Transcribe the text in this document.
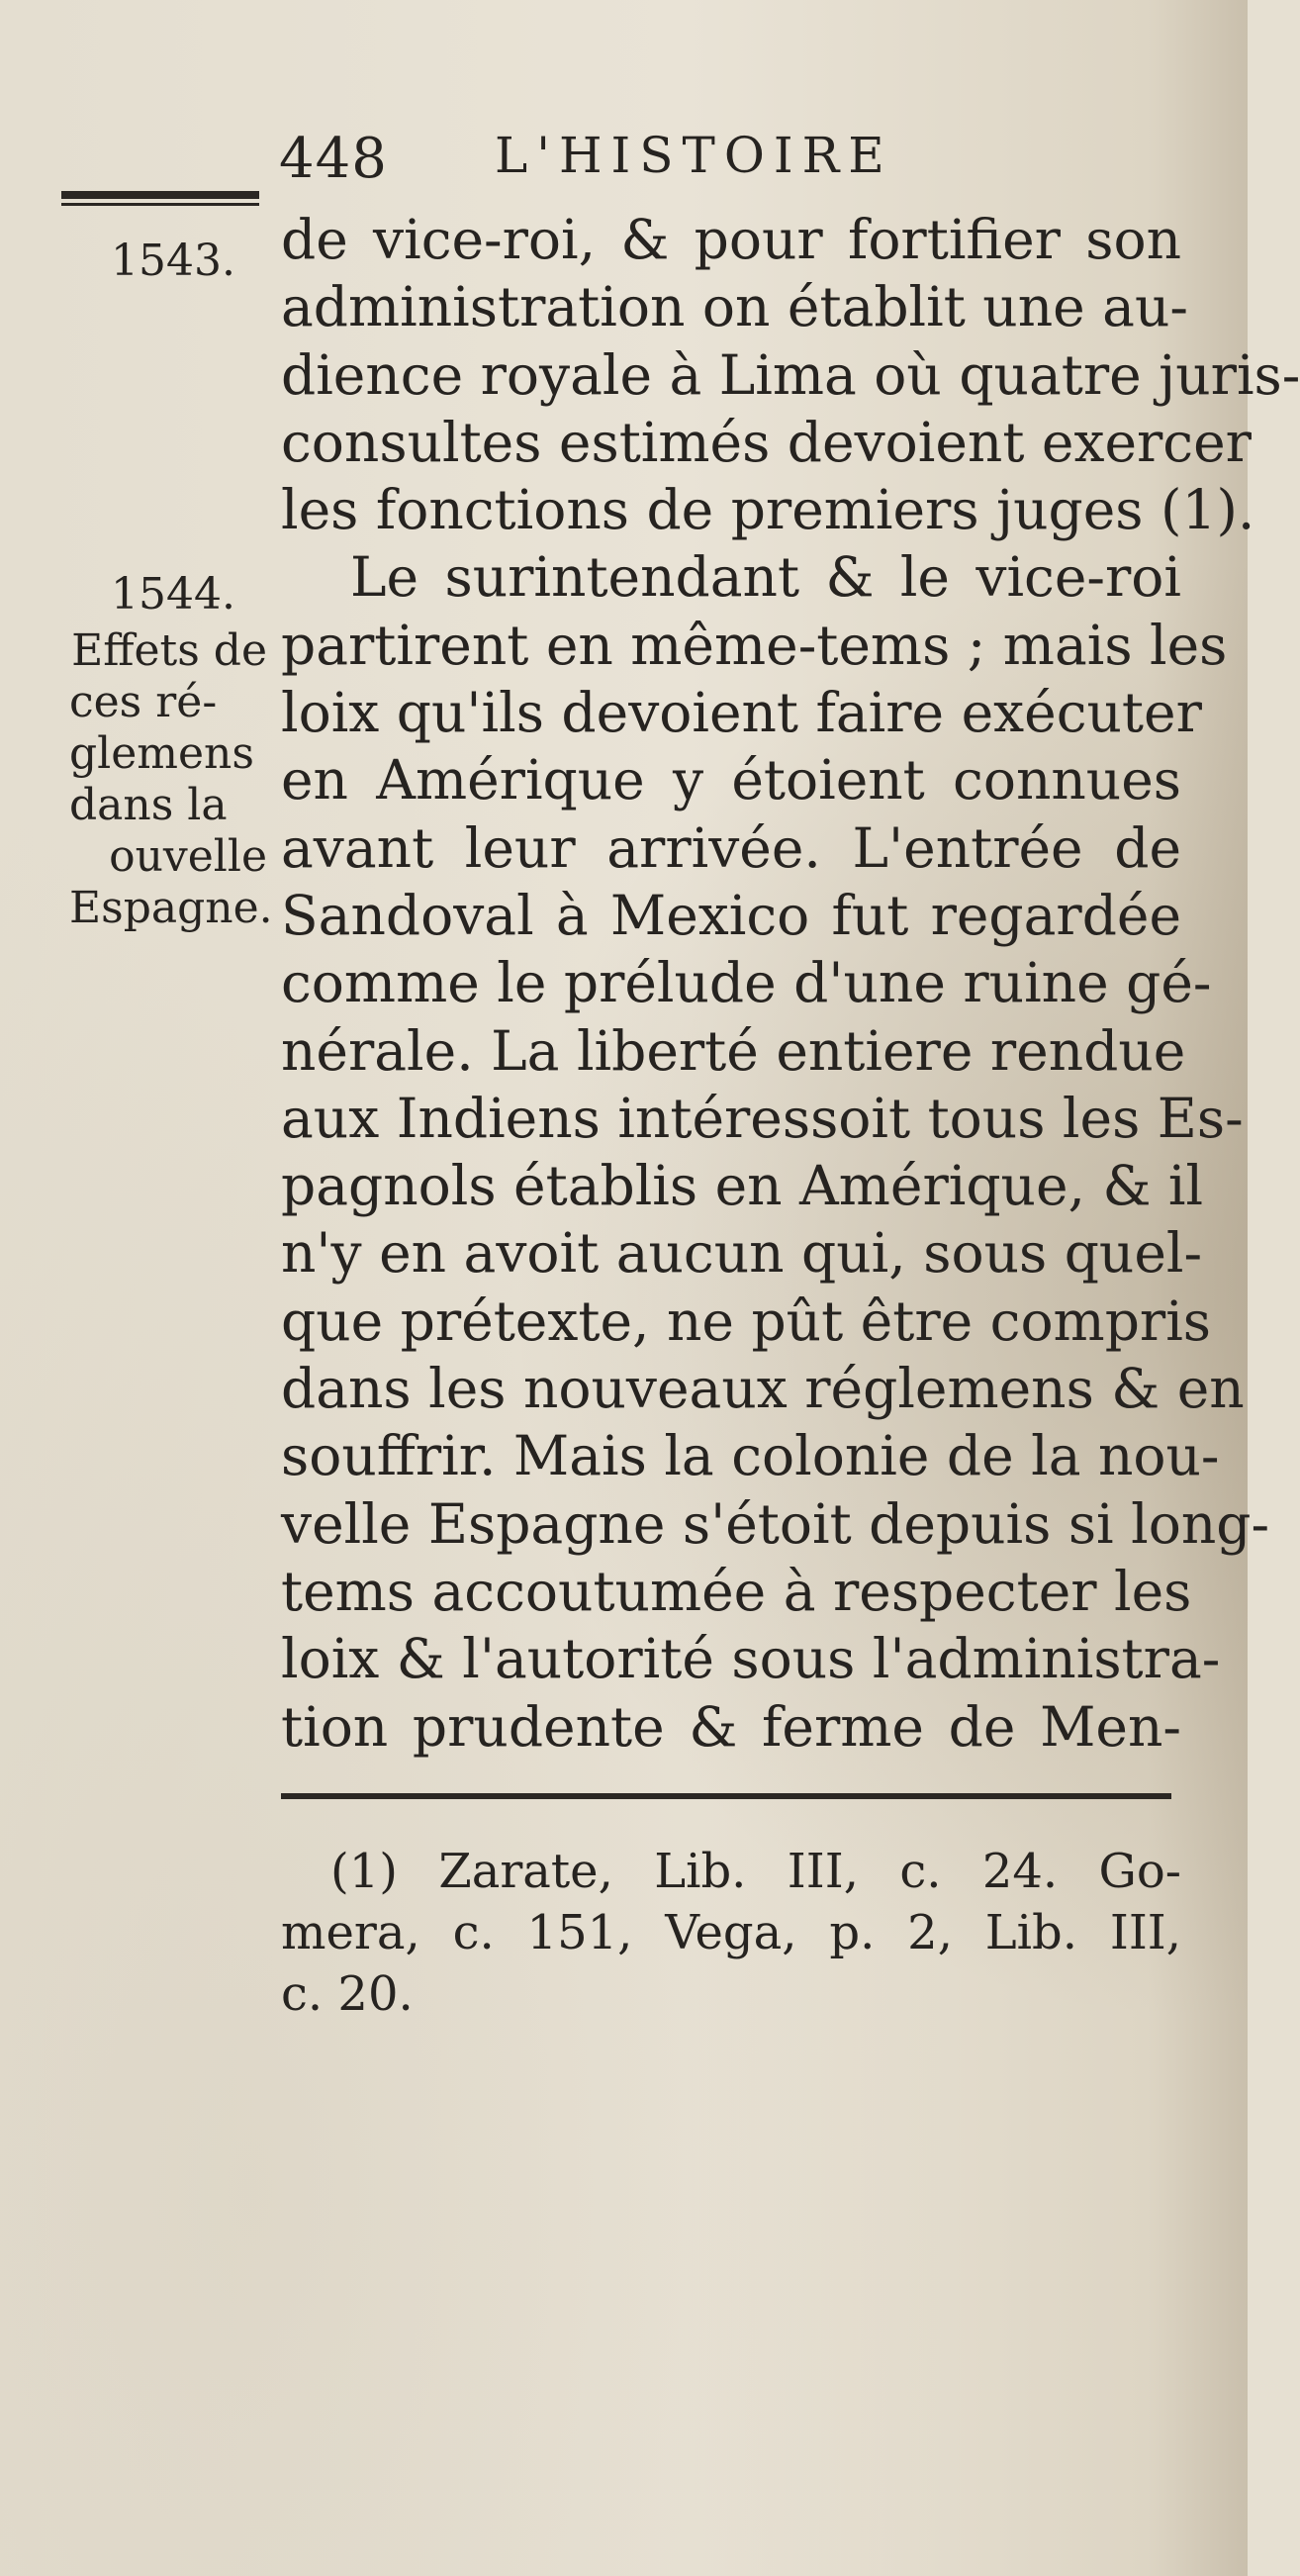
448 L'HISTOIRE
1543.
1544.
Effets de
ces ré-
glemens
dans la
ouvelle
Espagne.
de vice-roi, & pour fortifier son
administration on établit une au-
dience royale à Lima où quatre juris-
consultes estimés devoient exercer
les fonctions de premiers juges (1).
Le surintendant & le vice-roi
partirent en même-tems ; mais les
loix qu'ils devoient faire exécuter
en Amérique y étoient connues
avant leur arrivée. L'entrée de
Sandoval à Mexico fut regardée
comme le prélude d'une ruine gé-
nérale. La liberté entiere rendue
aux Indiens intéressoit tous les Es-
pagnols établis en Amérique, & il
n'y en avoit aucun qui, sous quel-
que prétexte, ne pût être compris
dans les nouveaux réglemens & en
souffrir. Mais la colonie de la nou-
velle Espagne s'étoit depuis si long-
tems accoutumée à respecter les
loix & l'autorité sous l'administra-
tion prudente & ferme de Men-
(1) Zarate, Lib. III, c. 24. Go-
mera, c. 151, Vega, p. 2, Lib. III,
c. 20.
